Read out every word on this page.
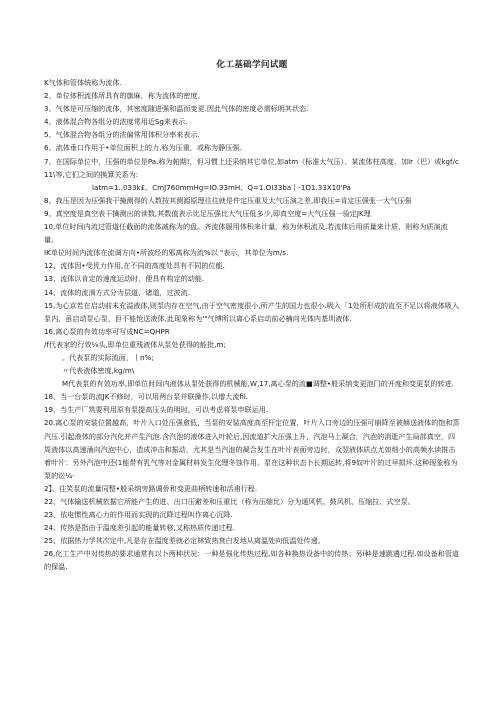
化工基础学问试题

K气体和管体统称为流体.

2、单位体积流体所具有的旗麻，称为流体的密度。

3、气体是可压缩的流体，其密度随进强和温而变更.因此气体的密度必需标明其状态.

4、液体混合物各组分的浓度常用近Sg来表示.

5、气体混合物各组分的浓偏常用体积分率来表示.

6、流体垂口作用于•单位面积上的力,称为压重，或称为静压强。

7、在国际单位中，压强的单位是Pa.称为帕期!，但习惯上还采纳其它单位,如atm（标准大气压）、某流体柱高度、加Ir（巴）或kgf/c11\等,它们之间的换算关系为:

latm=1..033k£。CmJ760mmHg=IO.33mH、Q=1.OI33ba丨-1O1.33X10'Pa

8、我压是因为压强我干掩测得的人数按其测源原理往往就是件定压重及大气压演之差,即我压=肯定压强张一大气压强

9、真空度是真空表干擒测出的读数,其数值表示比足压强比大气压低多少,即真空度=大气压强一验定JK理

10,单位时间内流过管道任截面的流体减称为的盘。齐流体服用体积来计量，称为休积流及.若流体后用质量来计质，则称为质演流量。

IK单位时间内流体在流调方向•所波经的邪离称为流%以 "表示，其单位为m/s.

12、流体因•受凭力作用,在不同的高度处具有不同的位能.

13、流体以肯定的速度运动时，便具有构定的动能.

14、流体的流淌方式分为层道、诸道，过波流.

15,为心京若在启动前未充溢液体,则泵内存在空气,由于空气密度很小,所产生的国力也很小.吸入「1处所形成的直至不足以将液体吸入泵内，虽启动泵心泵，但不能怆送液体,此现象称为'"气缚所以离心系启动前必楠向光体内基圳液体.

16,离心泵的有效功率可写成NC=QHPR

/f代表家的行效⅛头,即单位重残液体从泵处获得的能批,m;

。代表泵的实际流面，丨n%;

〃代表液体密度,kg/m\

M代表泵的有效功率,即单位时间内液体从泵处获得的机械能,W,17,离心泵的流■调整•般采纳变更泡门的开度和变更泵的转进.

18、当一台泵的流JK不修时，可以用两台泵并联操作,以增大流fil.

19、当生产厂筑要利用原有泵提高压头的明时，可以考虑将泵申联运用.

20.离心泵的安装位置越高，叶片入口处压强愈低，当泵的安装高度高至杆定位置，叶片入口旁边的压强可崩降至被赫送液体的饱和蒸汽压.引起液体的部分汽化并产生汽泡.含汽泡的液体进入叶轮后,因流道扩大压强上升，汽泡马上凝合，汽泡的消逝产生局部真空，四周液体以高速涌向汽泡中心，造成冲击和振动，尤其是当汽泡的凝合发生在叶片表面旁边时，众翌液体质点尤如细小的高频水读推击着叶片：另外汽泡中还(1能带有乳气等对金属材料发生化理冬蚀作用。泵在这种状态卜长期运转,将9奴叶片的过早损坏.这种现象称为泵的讼¼·

2】、往笑泵的流量同整•般采纳旁路调侨和变更曲柄转速和活甫行程.

22、气体输送机械依据它所能产生的进、出口压避差和压重比（称为压缩比）分为通风机、鼓风机、压缩拉、式空泵。

23、依电惯性离心力的作用而实现的沉降过程叫作离心沉降.

24、传热是指由于温度差引起的能量转移,又称热质传递过程.

25、依据热力学其次定中,凡是存在温度差就必定林致热衰白发地从离温处向低温处传递。

26,化工生产中对传热的要求通常有以卜两种状况：一种是强化传热过程,如各种换热设备中的传热；另i种是速跳遴过程.如设备和管道的保温.
